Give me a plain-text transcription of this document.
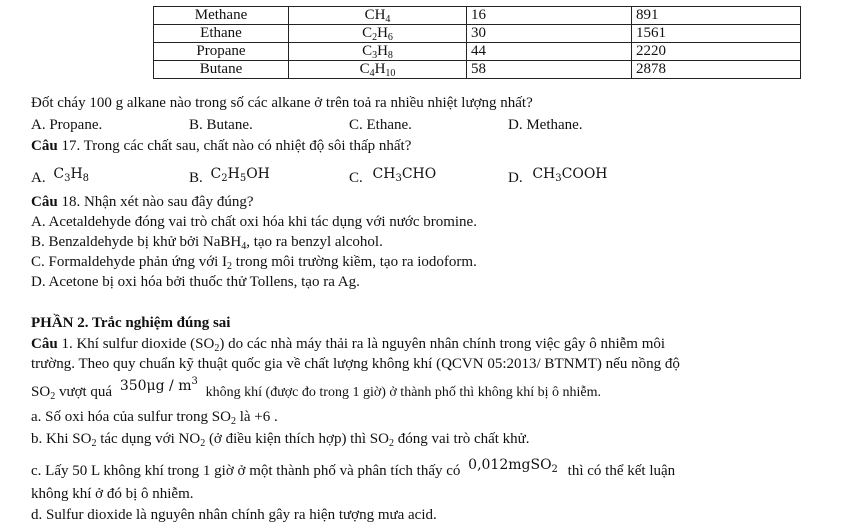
Methane	$CH_4$	16	891
Ethane	$C_2H_6$	30	1561
Propane	$C_3H_8$	44	2220
Butane	$C_4H_{10}$	58	2878
Đốt cháy 100 g alkane nào trong số các alkane ở trên toả ra nhiều nhiệt lượng nhất?
A. Propane.	B. Butane.	C. Ethane.	D. Methane.
Câu 17. Trong các chất sau, chất nào có nhiệt độ sôi thấp nhất?
A. $C_3H_8$	B. $C_2H_5OH$	C. $CH_3CHO$	D. $CH_3COOH$
Câu 18. Nhận xét nào sau đây đúng?
A. Acetaldehyde đóng vai trò chất oxi hóa khi tác dụng với nước bromine.
B. Benzaldehyde bị khử bởi NaBH$_4$, tạo ra benzyl alcohol.
C. Formaldehyde phản ứng với $I_2$ trong môi trường kiềm, tạo ra iodoform.
D. Acetone bị oxi hóa bởi thuốc thử Tollens, tạo ra Ag.
PHẦN 2. Trắc nghiệm đúng sai
Câu 1. Khí sulfur dioxide $(SO_2)$ do các nhà máy thải ra là nguyên nhân chính trong việc gây ô nhiễm môi
trường. Theo quy chuẩn kỹ thuật quốc gia về chất lượng không khí (QCVN 05:2013/ BTNMT) nếu nồng độ
$SO_2$ vượt quá $350\mu g / m^3$ không khí (được đo trong 1 giờ) ở thành phố thì không khí bị ô nhiễm.
a. Số oxi hóa của sulfur trong $SO_2$ là +6 .
b. Khi $SO_2$ tác dụng với $NO_2$ (ở điều kiện thích hợp) thì $SO_2$ đóng vai trò chất khử.
c. Lấy 50 L không khí trong 1 giờ ở một thành phố và phân tích thấy có 0,012mgSO$_2$ thì có thể kết luận
không khí ở đó bị ô nhiễm.
d. Sulfur dioxide là nguyên nhân chính gây ra hiện tượng mưa acid.
